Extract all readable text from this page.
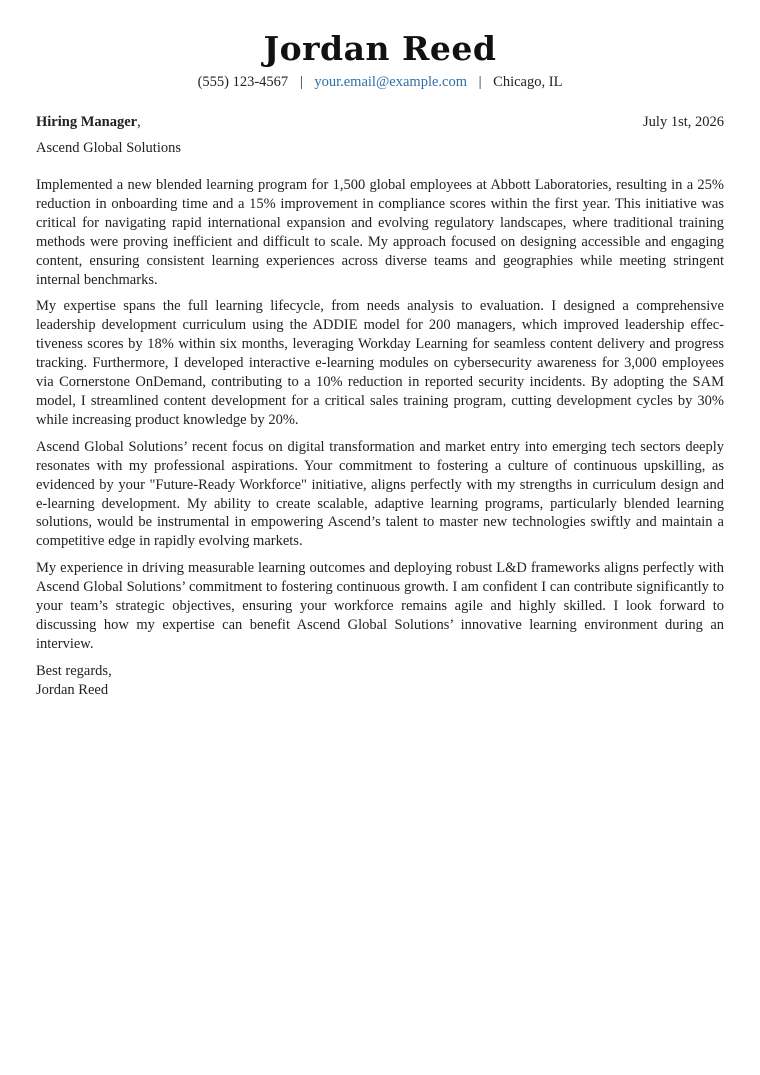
Jordan Reed
(555) 123-4567 | your.email@example.com | Chicago, IL
Hiring Manager,	July 1st, 2026
Ascend Global Solutions

Implemented a new blended learning program for 1,500 global employees at Abbott Laboratories, resulting in a 25% reduction in onboarding time and a 15% improvement in compliance scores within the first year. This initiative was critical for navigating rapid international expansion and evolving regulatory landscapes, where traditional training methods were proving inefficient and difficult to scale. My approach focused on designing accessible and engaging content, ensuring consistent learning experiences across diverse teams and geographies while meeting stringent internal benchmarks.

My expertise spans the full learning lifecycle, from needs analysis to evaluation. I designed a comprehensive leadership development curriculum using the ADDIE model for 200 managers, which improved leadership effectiveness scores by 18% within six months, leveraging Workday Learning for seamless content delivery and progress tracking. Furthermore, I developed interactive e-learning modules on cybersecurity awareness for 3,000 employees via Cornerstone OnDemand, contributing to a 10% reduction in reported security incidents. By adopting the SAM model, I streamlined content development for a critical sales training program, cutting development cycles by 30% while increasing product knowledge by 20%.

Ascend Global Solutions’ recent focus on digital transformation and market entry into emerging tech sectors deeply resonates with my professional aspirations. Your commitment to fostering a culture of continuous upskilling, as evidenced by your "Future-Ready Workforce" initiative, aligns perfectly with my strengths in curriculum design and e-learning development. My ability to create scalable, adaptive learning programs, particularly blended learning solutions, would be instrumental in empowering Ascend’s talent to master new technologies swiftly and maintain a competitive edge in rapidly evolving markets.

My experience in driving measurable learning outcomes and deploying robust L&D frameworks aligns perfectly with Ascend Global Solutions’ commitment to fostering continuous growth. I am confident I can contribute significantly to your team’s strategic objectives, ensuring your workforce remains agile and highly skilled. I look forward to discussing how my expertise can benefit Ascend Global Solutions’ innovative learning environment during an interview.

Best regards,
Jordan Reed
